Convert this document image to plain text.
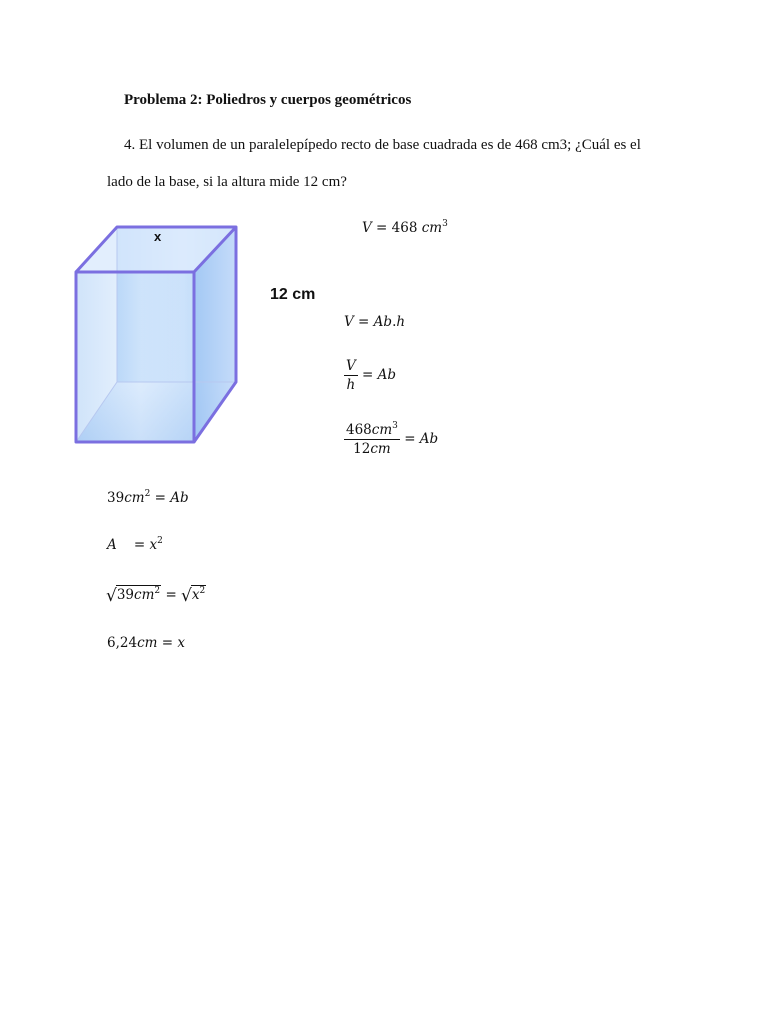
Problema 2: Poliedros y cuerpos geométricos
4. El volumen de un paralelepípedo recto de base cuadrada es de 468 cm3; ¿Cuál es el
lado de la base, si la altura mide 12 cm?
x
12 cm
V = 468 $cm^3$
V = Ab.h
$\frac{V}{h} = Ab$
$\frac{468cm^3}{12cm} = Ab$
$39cm^2 = Ab$
$A = x^2$
$√39cm^2 = √x^2$
6,24cm = x
